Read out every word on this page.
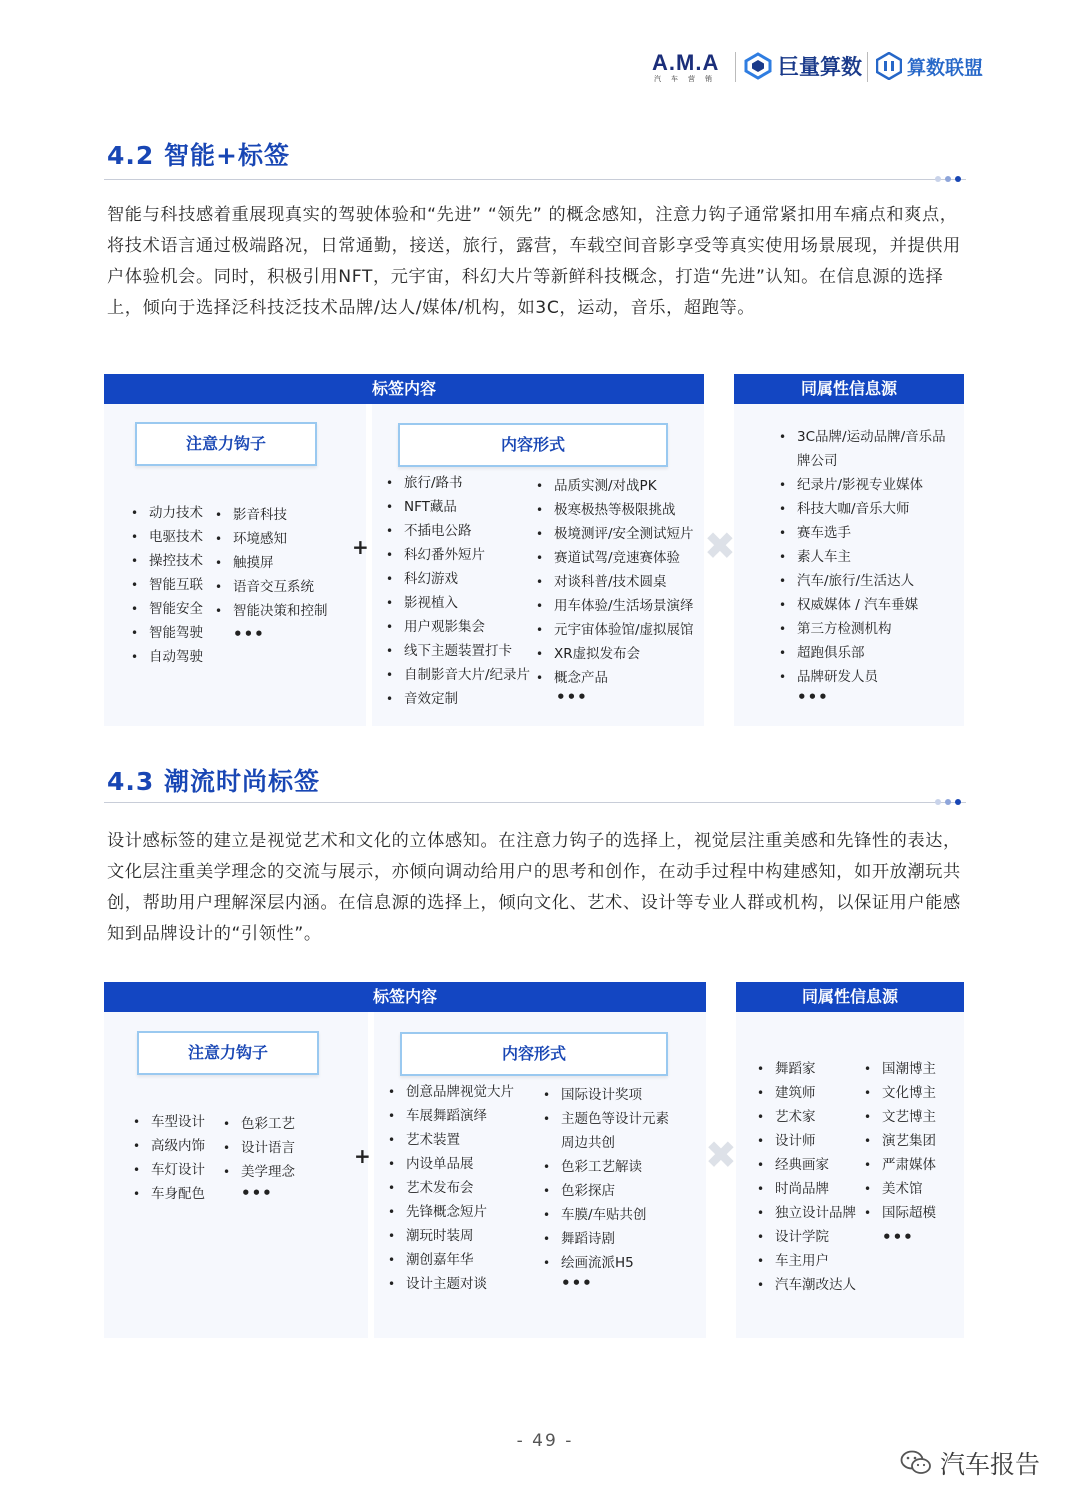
A.M.A
汽车营销	巨量算数 算数联盟
4.2 智能+标签
智能与科技感着重展现真实的驾驶体验和“先进” “领先” 的概念感知，注意力钩子通常紧扣用车痛点和爽点，将技术语言通过极端路况，日常通勤，接送，旅行，露营，车载空间音影享受等真实使用场景展现，并提供用户体验机会。同时，积极引用NFT，元宇宙，科幻大片等新鲜科技概念，打造“先进”认知。在信息源的选择上，倾向于选择泛科技泛技术品牌/达人/媒体/机构，如3C，运动，音乐，超跑等。
标签内容	同属性信息源
注意力钩子	内容形式
• 动力技术
• 电驱技术
• 操控技术
• 智能互联
• 智能安全
• 智能驾驶
• 自动驾驶
• 影音科技
• 环境感知
• 触摸屏
• 语音交互系统
• 智能决策和控制
•••
+
• 旅行/路书
• NFT藏品
• 不插电公路
• 科幻番外短片
• 科幻游戏
• 影视植入
• 用户观影集会
• 线下主题装置打卡
• 自制影音大片/纪录片
• 音效定制
• 品质实测/对战PK
• 极寒极热等极限挑战
• 极境测评/安全测试短片
• 赛道试驾/竞速赛体验
• 对谈科普/技术圆桌
• 用车体验/生活场景演绎
• 元宇宙体验馆/虚拟展馆
• XR虚拟发布会
• 概念产品
•••
✖
• 3C品牌/运动品牌/音乐品
牌公司
• 纪录片/影视专业媒体
• 科技大咖/音乐大师
• 赛车选手
• 素人车主
• 汽车/旅行/生活达人
• 权威媒体 / 汽车垂媒
• 第三方检测机构
• 超跑俱乐部
• 品牌研发人员
•••
4.3 潮流时尚标签
设计感标签的建立是视觉艺术和文化的立体感知。在注意力钩子的选择上，视觉层注重美感和先锋性的表达，文化层注重美学理念的交流与展示，亦倾向调动给用户的思考和创作，在动手过程中构建感知，如开放潮玩共创，帮助用户理解深层内涵。在信息源的选择上，倾向文化、艺术、设计等专业人群或机构，以保证用户能感知到品牌设计的“引领性”。
标签内容	同属性信息源
注意力钩子	内容形式
• 车型设计
• 高级内饰
• 车灯设计
• 车身配色
• 色彩工艺
• 设计语言
• 美学理念
•••
+
• 创意品牌视觉大片
• 车展舞蹈演绎
• 艺术装置
• 内设单品展
• 艺术发布会
• 先锋概念短片
• 潮玩时装周
• 潮创嘉年华
• 设计主题对谈
• 国际设计奖项
• 主题色等设计元素
周边共创
• 色彩工艺解读
• 色彩探店
• 车膜/车贴共创
• 舞蹈诗剧
• 绘画流派H5
•••
✖
• 舞蹈家
• 建筑师
• 艺术家
• 设计师
• 经典画家
• 时尚品牌
• 独立设计品牌
• 设计学院
• 车主用户
• 汽车潮改达人
• 国潮博主
• 文化博主
• 文艺博主
• 演艺集团
• 严肃媒体
• 美术馆
• 国际超模
•••
- 49 -
汽车报告
